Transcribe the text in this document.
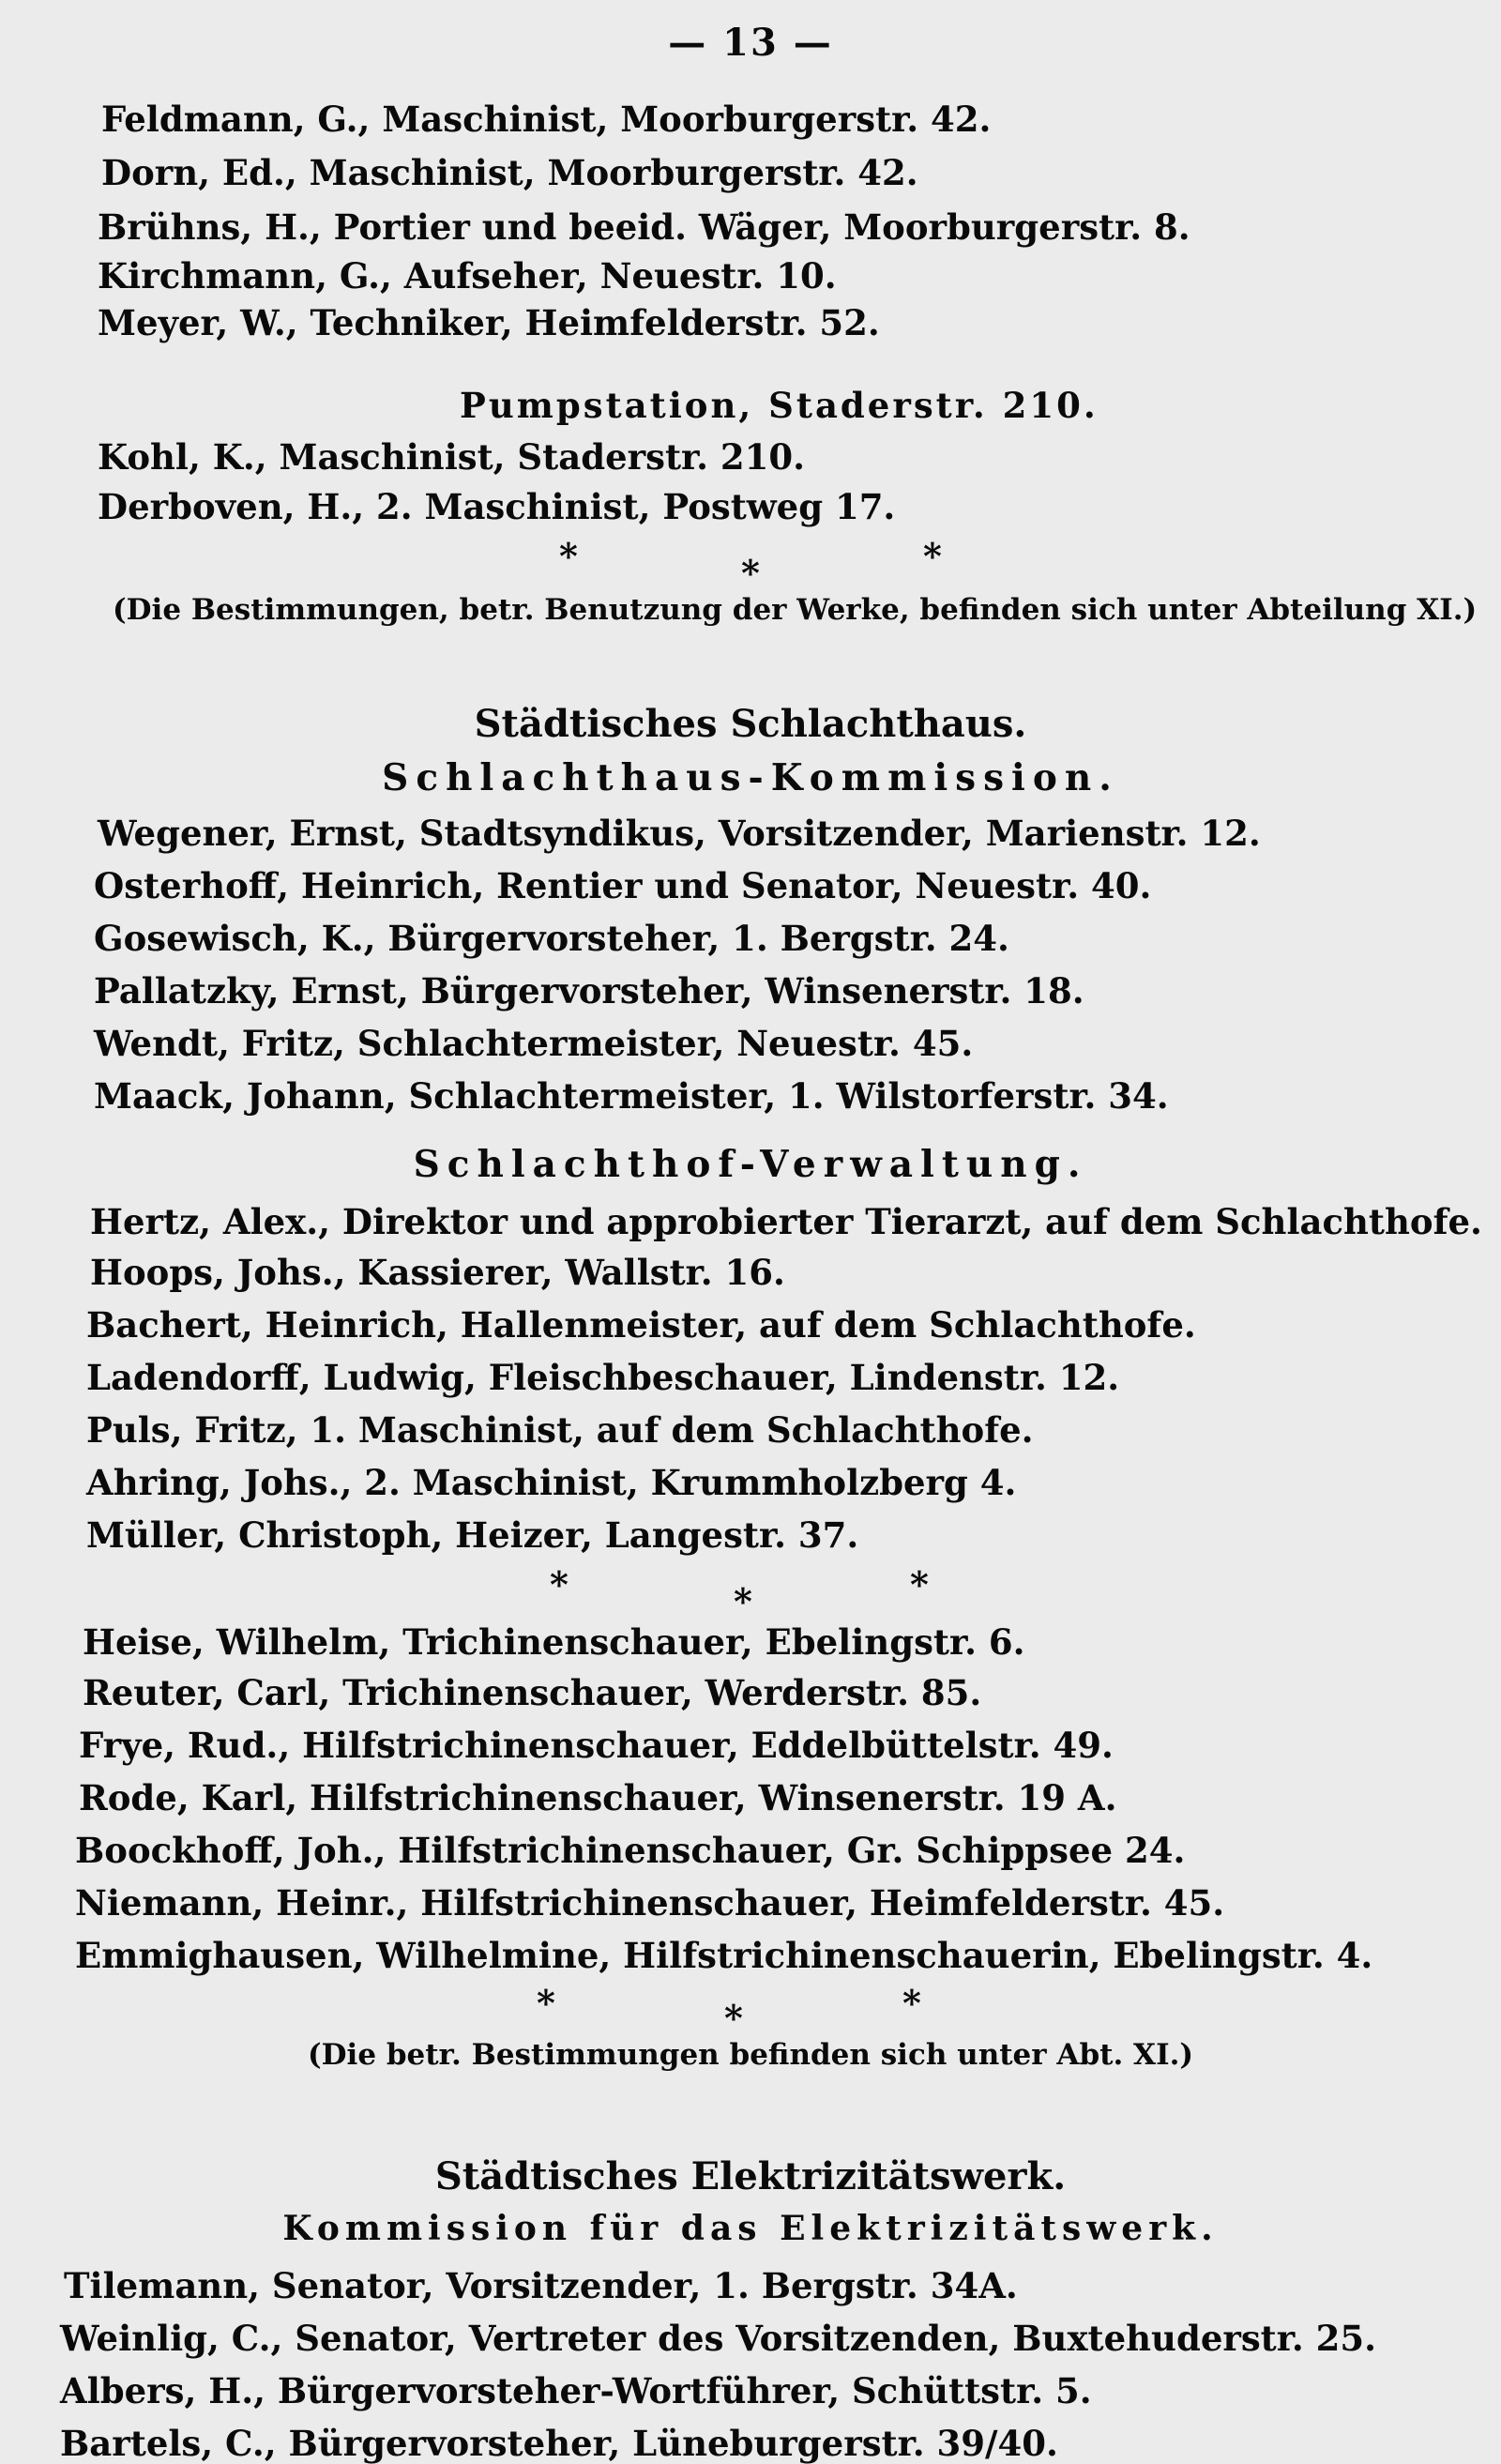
— 13 —
Feldmann, G., Maschinist, Moorburgerstr. 42.
Dorn, Ed., Maschinist, Moorburgerstr. 42.
Brühns, H., Portier und beeid. Wäger, Moorburgerstr. 8.
Kirchmann, G., Aufseher, Neuestr. 10.
Meyer, W., Techniker, Heimfelderstr. 52.
Pumpstation, Staderstr. 210.
Kohl, K., Maschinist, Staderstr. 210.
Derboven, H., 2. Maschinist, Postweg 17.
*	*	*
(Die Bestimmungen, betr. Benutzung der Werke, befinden sich unter Abteilung XI.)
Städtisches Schlachthaus.
Schlachthaus-Kommission.
Wegener, Ernst, Stadtsyndikus, Vorsitzender, Marienstr. 12.
Osterhoff, Heinrich, Rentier und Senator, Neuestr. 40.
Gosewisch, K., Bürgervorsteher, 1. Bergstr. 24.
Pallatzky, Ernst, Bürgervorsteher, Winsenerstr. 18.
Wendt, Fritz, Schlachtermeister, Neuestr. 45.
Maack, Johann, Schlachtermeister, 1. Wilstorferstr. 34.
Schlachthof-Verwaltung.
Hertz, Alex., Direktor und approbierter Tierarzt, auf dem Schlachthofe.
Hoops, Johs., Kassierer, Wallstr. 16.
Bachert, Heinrich, Hallenmeister, auf dem Schlachthofe.
Ladendorff, Ludwig, Fleischbeschauer, Lindenstr. 12.
Puls, Fritz, 1. Maschinist, auf dem Schlachthofe.
Ahring, Johs., 2. Maschinist, Krummholzberg 4.
Müller, Christoph, Heizer, Langestr. 37.
*	*	*
Heise, Wilhelm, Trichinenschauer, Ebelingstr. 6.
Reuter, Carl, Trichinenschauer, Werderstr. 85.
Frye, Rud., Hilfstrichinenschauer, Eddelbüttelstr. 49.
Rode, Karl, Hilfstrichinenschauer, Winsenerstr. 19 A.
Boockhoff, Joh., Hilfstrichinenschauer, Gr. Schippsee 24.
Niemann, Heinr., Hilfstrichinenschauer, Heimfelderstr. 45.
Emmighausen, Wilhelmine, Hilfstrichinenschauerin, Ebelingstr. 4.
*	*	*
(Die betr. Bestimmungen befinden sich unter Abt. XI.)
Städtisches Elektrizitätswerk.
Kommission für das Elektrizitätswerk.
Tilemann, Senator, Vorsitzender, 1. Bergstr. 34A.
Weinlig, C., Senator, Vertreter des Vorsitzenden, Buxtehuderstr. 25.
Albers, H., Bürgervorsteher-Wortführer, Schüttstr. 5.
Bartels, C., Bürgervorsteher, Lüneburgerstr. 39/40.
